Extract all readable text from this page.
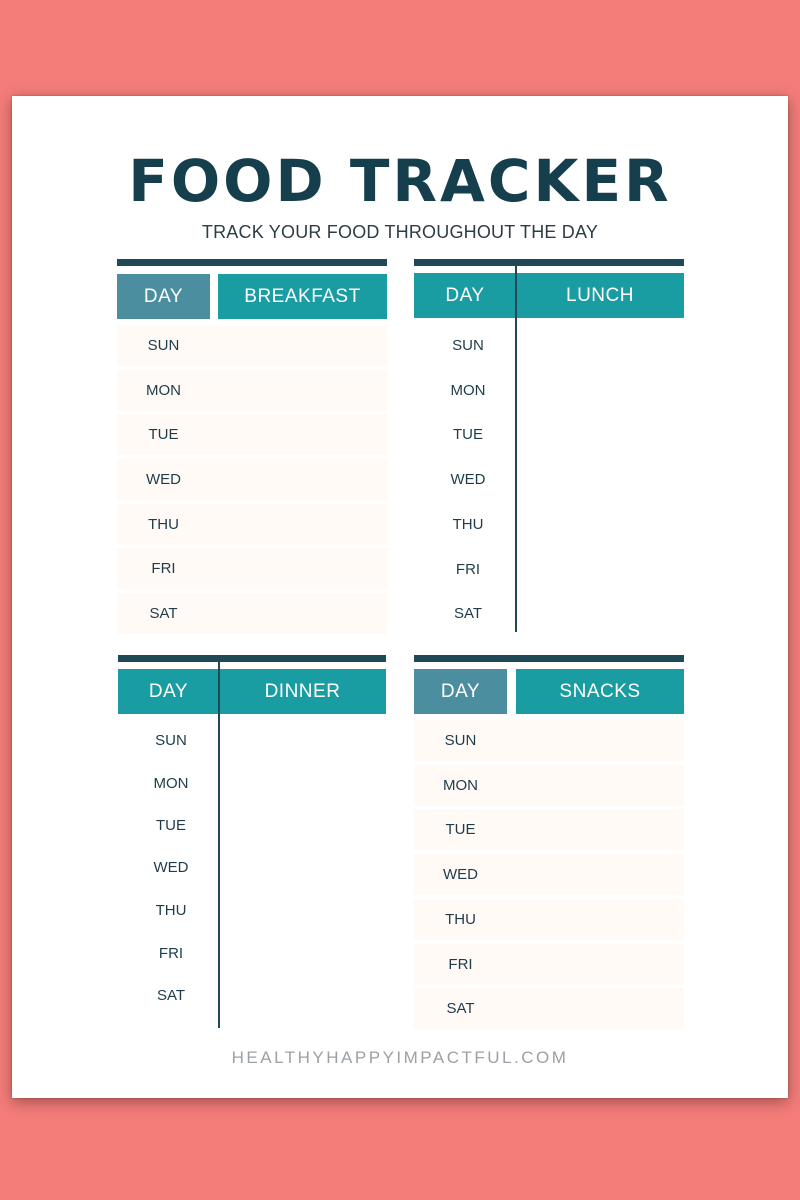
FOOD TRACKER
TRACK YOUR FOOD THROUGHOUT THE DAY
DAY	BREAKFAST
SUN
MON
TUE
WED
THU
FRI
SAT
DAY	LUNCH
SUN
MON
TUE
WED
THU
FRI
SAT
DAY	DINNER
SUN
MON
TUE
WED
THU
FRI
SAT
DAY	SNACKS
SUN
MON
TUE
WED
THU
FRI
SAT
HEALTHYHAPPYIMPACTFUL.COM
